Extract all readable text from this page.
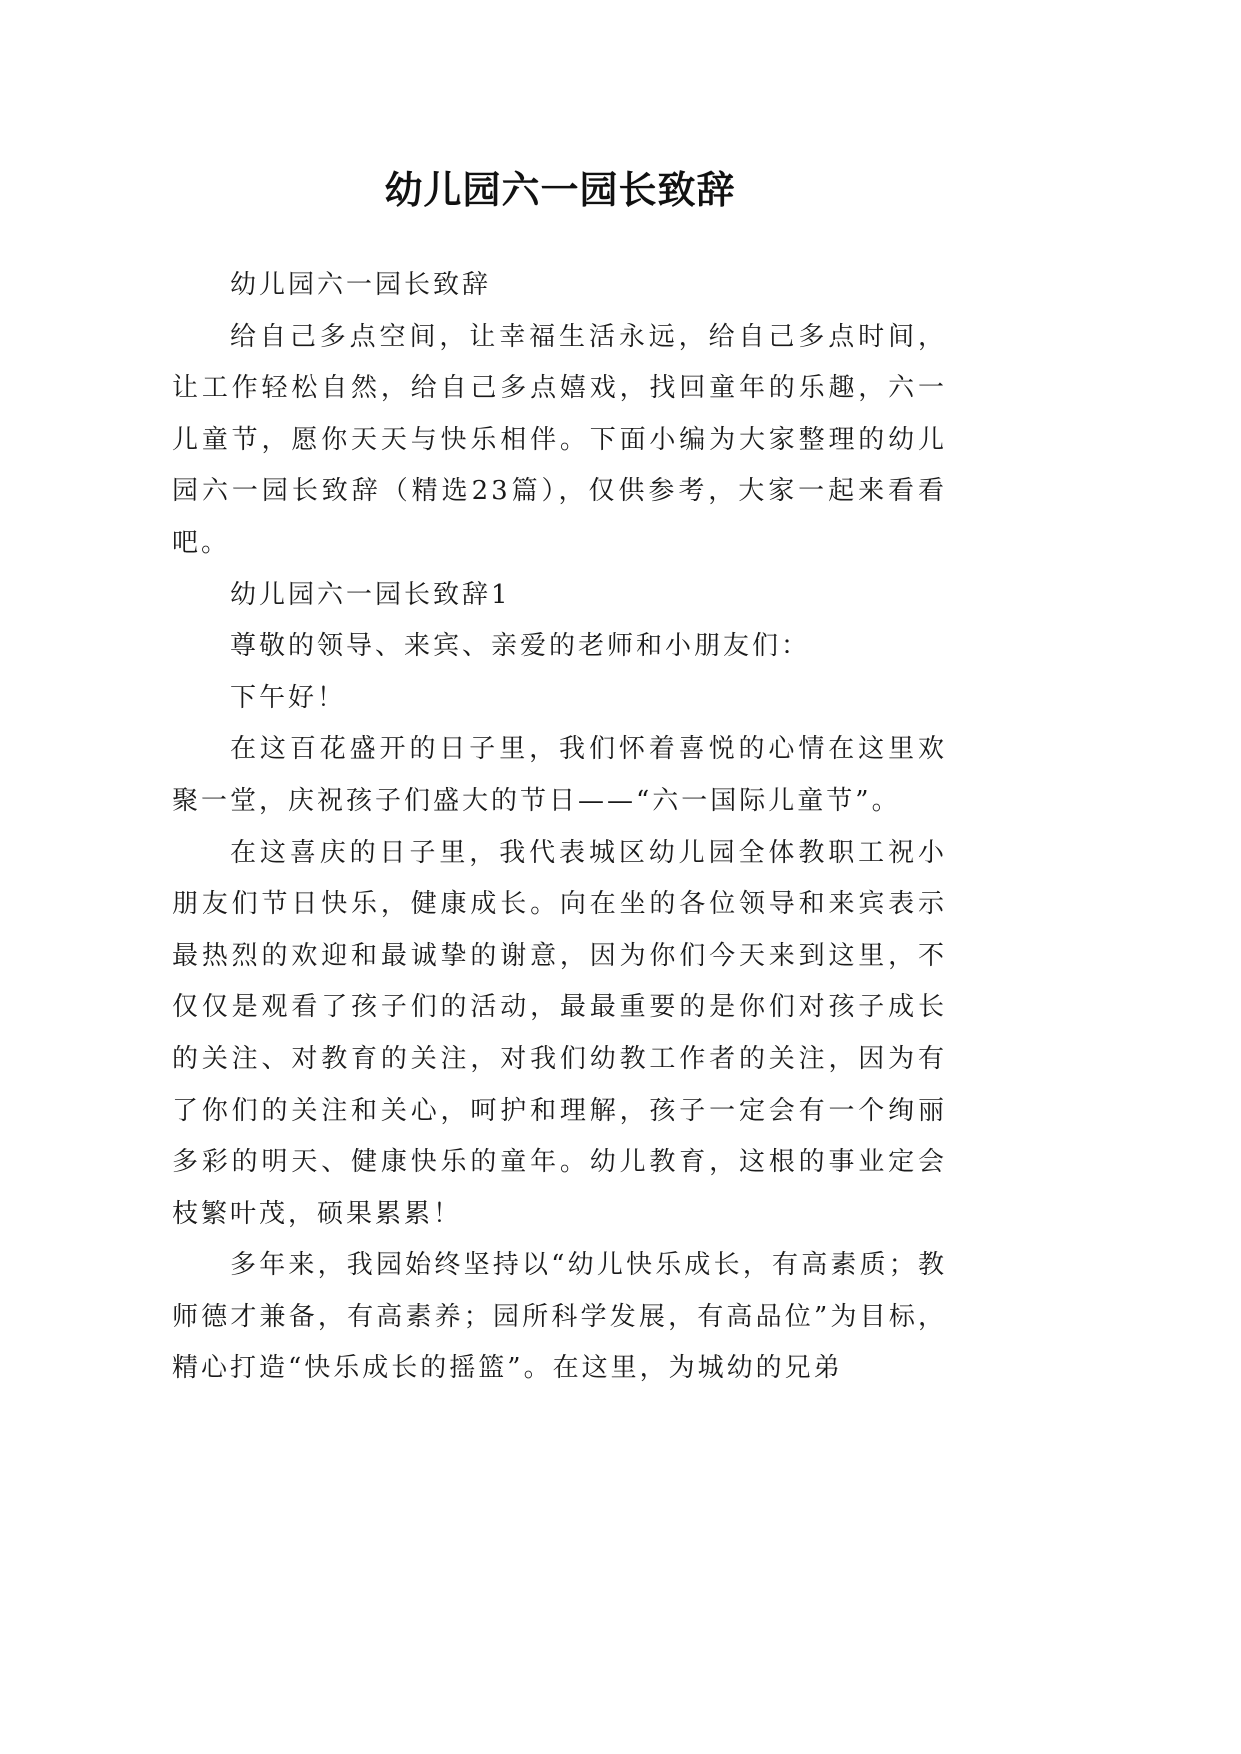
幼儿园六一园长致辞

幼儿园六一园长致辞

给自己多点空间，让幸福生活永远，给自己多点时间，让工作轻松自然，给自己多点嬉戏，找回童年的乐趣，六一儿童节，愿你天天与快乐相伴。下面小编为大家整理的幼儿园六一园长致辞（精选23篇），仅供参考，大家一起来看看吧。

幼儿园六一园长致辞1

尊敬的领导、来宾、亲爱的老师和小朋友们：

下午好！

在这百花盛开的日子里，我们怀着喜悦的心情在这里欢聚一堂，庆祝孩子们盛大的节日——“六一国际儿童节”。

在这喜庆的日子里，我代表城区幼儿园全体教职工祝小朋友们节日快乐，健康成长。向在坐的各位领导和来宾表示最热烈的欢迎和最诚挚的谢意，因为你们今天来到这里，不仅仅是观看了孩子们的活动，最最重要的是你们对孩子成长的关注、对教育的关注，对我们幼教工作者的关注，因为有了你们的关注和关心，呵护和理解，孩子一定会有一个绚丽多彩的明天、健康快乐的童年。幼儿教育，这根的事业定会枝繁叶茂，硕果累累！

多年来，我园始终坚持以“幼儿快乐成长，有高素质；教师德才兼备，有高素养；园所科学发展，有高品位”为目标，精心打造“快乐成长的摇篮”。在这里，为城幼的兄弟
